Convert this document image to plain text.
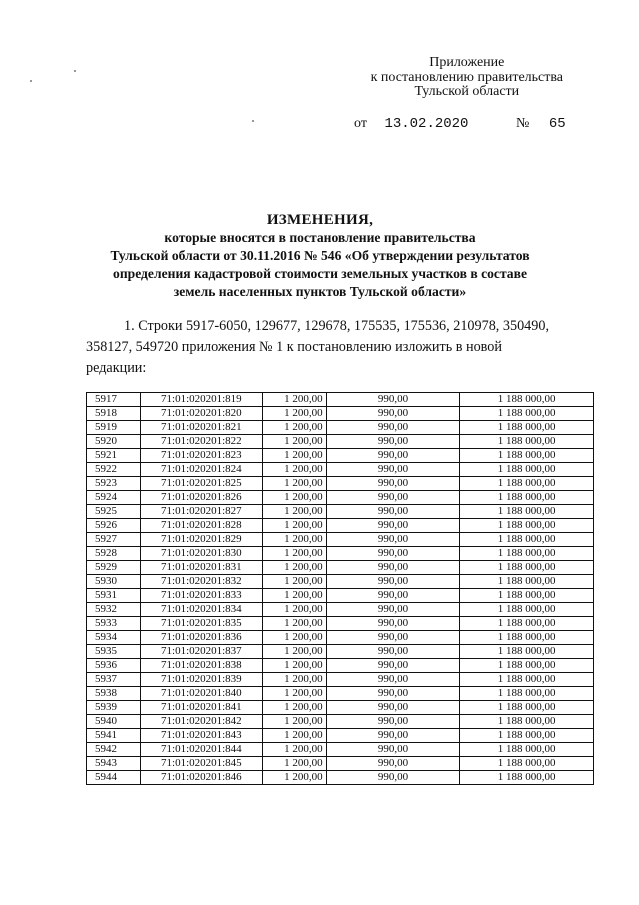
Приложение
к постановлению правительства
Тульской области
от 13.02.2020	№ 65
ИЗМЕНЕНИЯ,
которые вносятся в постановление правительства
Тульской области от 30.11.2016 № 546 «Об утверждении результатов
определения кадастровой стоимости земельных участков в составе
земель населенных пунктов Тульской области»
1. Строки 5917-6050, 129677, 129678, 175535, 175536, 210978, 350490,
358127, 549720 приложения № 1 к постановлению изложить в новой
редакции:
5917	71:01:020201:819	1 200,00	990,00	1 188 000,00
5918	71:01:020201:820	1 200,00	990,00	1 188 000,00
5919	71:01:020201:821	1 200,00	990,00	1 188 000,00
5920	71:01:020201:822	1 200,00	990,00	1 188 000,00
5921	71:01:020201:823	1 200,00	990,00	1 188 000,00
5922	71:01:020201:824	1 200,00	990,00	1 188 000,00
5923	71:01:020201:825	1 200,00	990,00	1 188 000,00
5924	71:01:020201:826	1 200,00	990,00	1 188 000,00
5925	71:01:020201:827	1 200,00	990,00	1 188 000,00
5926	71:01:020201:828	1 200,00	990,00	1 188 000,00
5927	71:01:020201:829	1 200,00	990,00	1 188 000,00
5928	71:01:020201:830	1 200,00	990,00	1 188 000,00
5929	71:01:020201:831	1 200,00	990,00	1 188 000,00
5930	71:01:020201:832	1 200,00	990,00	1 188 000,00
5931	71:01:020201:833	1 200,00	990,00	1 188 000,00
5932	71:01:020201:834	1 200,00	990,00	1 188 000,00
5933	71:01:020201:835	1 200,00	990,00	1 188 000,00
5934	71:01:020201:836	1 200,00	990,00	1 188 000,00
5935	71:01:020201:837	1 200,00	990,00	1 188 000,00
5936	71:01:020201:838	1 200,00	990,00	1 188 000,00
5937	71:01:020201:839	1 200,00	990,00	1 188 000,00
5938	71:01:020201:840	1 200,00	990,00	1 188 000,00
5939	71:01:020201:841	1 200,00	990,00	1 188 000,00
5940	71:01:020201:842	1 200,00	990,00	1 188 000,00
5941	71:01:020201:843	1 200,00	990,00	1 188 000,00
5942	71:01:020201:844	1 200,00	990,00	1 188 000,00
5943	71:01:020201:845	1 200,00	990,00	1 188 000,00
5944	71:01:020201:846	1 200,00	990,00	1 188 000,00
